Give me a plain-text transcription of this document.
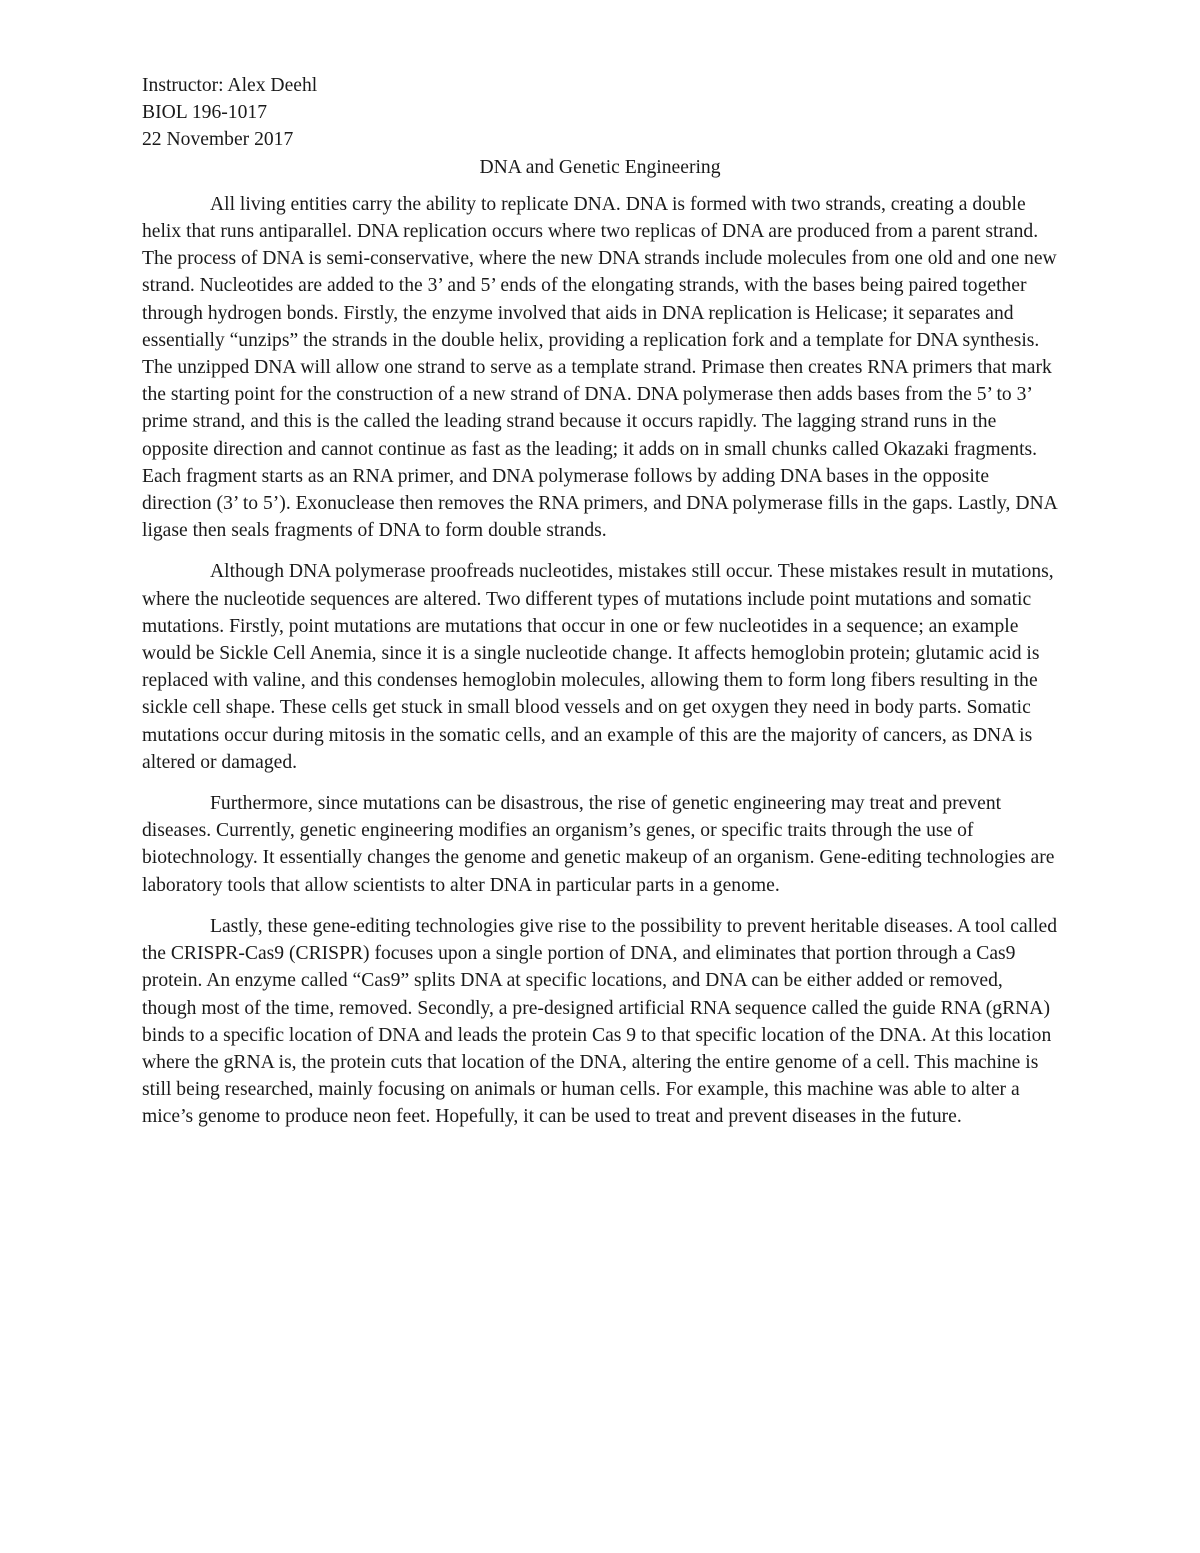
Instructor: Alex Deehl

BIOL 196-1017

22 November 2017

DNA and Genetic Engineering

All living entities carry the ability to replicate DNA. DNA is formed with two strands, creating a double helix that runs antiparallel. DNA replication occurs where two replicas of DNA are produced from a parent strand. The process of DNA is semi-conservative, where the new DNA strands include molecules from one old and one new strand. Nucleotides are added to the 3’ and 5’ ends of the elongating strands, with the bases being paired together through hydrogen bonds. Firstly, the enzyme involved that aids in DNA replication is Helicase; it separates and essentially “unzips” the strands in the double helix, providing a replication fork and a template for DNA synthesis. The unzipped DNA will allow one strand to serve as a template strand. Primase then creates RNA primers that mark the starting point for the construction of a new strand of DNA. DNA polymerase then adds bases from the 5’ to 3’ prime strand, and this is the called the leading strand because it occurs rapidly. The lagging strand runs in the opposite direction and cannot continue as fast as the leading; it adds on in small chunks called Okazaki fragments. Each fragment starts as an RNA primer, and DNA polymerase follows by adding DNA bases in the opposite direction (3’ to 5’). Exonuclease then removes the RNA primers, and DNA polymerase fills in the gaps. Lastly, DNA ligase then seals fragments of DNA to form double strands.

Although DNA polymerase proofreads nucleotides, mistakes still occur. These mistakes result in mutations, where the nucleotide sequences are altered. Two different types of mutations include point mutations and somatic mutations. Firstly, point mutations are mutations that occur in one or few nucleotides in a sequence; an example would be Sickle Cell Anemia, since it is a single nucleotide change. It affects hemoglobin protein; glutamic acid is replaced with valine, and this condenses hemoglobin molecules, allowing them to form long fibers resulting in the sickle cell shape. These cells get stuck in small blood vessels and on get oxygen they need in body parts. Somatic mutations occur during mitosis in the somatic cells, and an example of this are the majority of cancers, as DNA is altered or damaged.

Furthermore, since mutations can be disastrous, the rise of genetic engineering may treat and prevent diseases. Currently, genetic engineering modifies an organism’s genes, or specific traits through the use of biotechnology. It essentially changes the genome and genetic makeup of an organism. Gene-editing technologies are laboratory tools that allow scientists to alter DNA in particular parts in a genome.

Lastly, these gene-editing technologies give rise to the possibility to prevent heritable diseases. A tool called the CRISPR-Cas9 (CRISPR) focuses upon a single portion of DNA, and eliminates that portion through a Cas9 protein. An enzyme called “Cas9” splits DNA at specific locations, and DNA can be either added or removed, though most of the time, removed. Secondly, a pre-designed artificial RNA sequence called the guide RNA (gRNA) binds to a specific location of DNA and leads the protein Cas 9 to that specific location of the DNA. At this location where the gRNA is, the protein cuts that location of the DNA, altering the entire genome of a cell. This machine is still being researched, mainly focusing on animals or human cells. For example, this machine was able to alter a mice’s genome to produce neon feet. Hopefully, it can be used to treat and prevent diseases in the future.
